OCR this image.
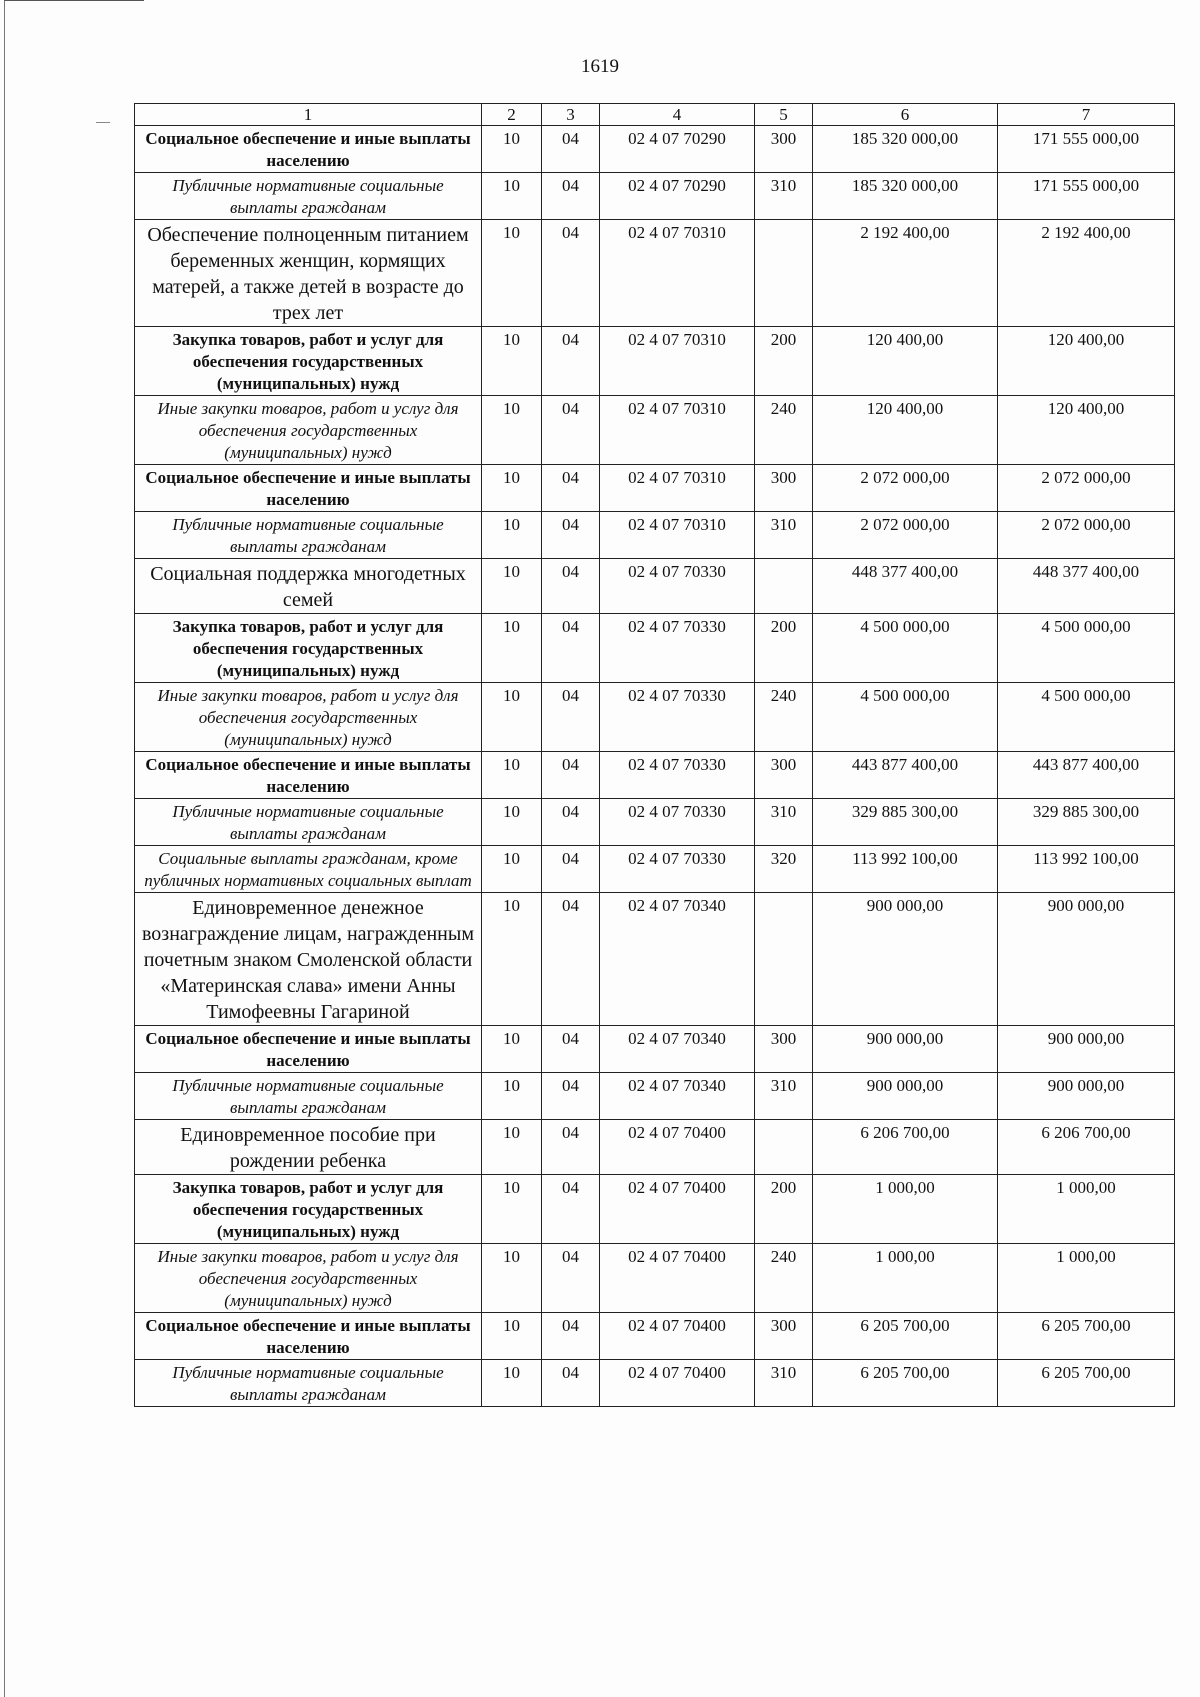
1619
1	2	3	4	5	6	7
Социальное обеспечение и иные выплаты населению	10	04	02 4 07 70290	300	185 320 000,00	171 555 000,00
Публичные нормативные социальные выплаты гражданам	10	04	02 4 07 70290	310	185 320 000,00	171 555 000,00
Обеспечение полноценным питанием беременных женщин, кормящих матерей, а также детей в возрасте до трех лет	10	04	02 4 07 70310		2 192 400,00	2 192 400,00
Закупка товаров, работ и услуг для обеспечения государственных (муниципальных) нужд	10	04	02 4 07 70310	200	120 400,00	120 400,00
Иные закупки товаров, работ и услуг для обеспечения государственных (муниципальных) нужд	10	04	02 4 07 70310	240	120 400,00	120 400,00
Социальное обеспечение и иные выплаты населению	10	04	02 4 07 70310	300	2 072 000,00	2 072 000,00
Публичные нормативные социальные выплаты гражданам	10	04	02 4 07 70310	310	2 072 000,00	2 072 000,00
Социальная поддержка многодетных семей	10	04	02 4 07 70330		448 377 400,00	448 377 400,00
Закупка товаров, работ и услуг для обеспечения государственных (муниципальных) нужд	10	04	02 4 07 70330	200	4 500 000,00	4 500 000,00
Иные закупки товаров, работ и услуг для обеспечения государственных (муниципальных) нужд	10	04	02 4 07 70330	240	4 500 000,00	4 500 000,00
Социальное обеспечение и иные выплаты населению	10	04	02 4 07 70330	300	443 877 400,00	443 877 400,00
Публичные нормативные социальные выплаты гражданам	10	04	02 4 07 70330	310	329 885 300,00	329 885 300,00
Социальные выплаты гражданам, кроме публичных нормативных социальных выплат	10	04	02 4 07 70330	320	113 992 100,00	113 992 100,00
Единовременное денежное вознаграждение лицам, награжденным почетным знаком Смоленской области «Материнская слава» имени Анны Тимофеевны Гагариной	10	04	02 4 07 70340		900 000,00	900 000,00
Социальное обеспечение и иные выплаты населению	10	04	02 4 07 70340	300	900 000,00	900 000,00
Публичные нормативные социальные выплаты гражданам	10	04	02 4 07 70340	310	900 000,00	900 000,00
Единовременное пособие при рождении ребенка	10	04	02 4 07 70400		6 206 700,00	6 206 700,00
Закупка товаров, работ и услуг для обеспечения государственных (муниципальных) нужд	10	04	02 4 07 70400	200	1 000,00	1 000,00
Иные закупки товаров, работ и услуг для обеспечения государственных (муниципальных) нужд	10	04	02 4 07 70400	240	1 000,00	1 000,00
Социальное обеспечение и иные выплаты населению	10	04	02 4 07 70400	300	6 205 700,00	6 205 700,00
Публичные нормативные социальные выплаты гражданам	10	04	02 4 07 70400	310	6 205 700,00	6 205 700,00
